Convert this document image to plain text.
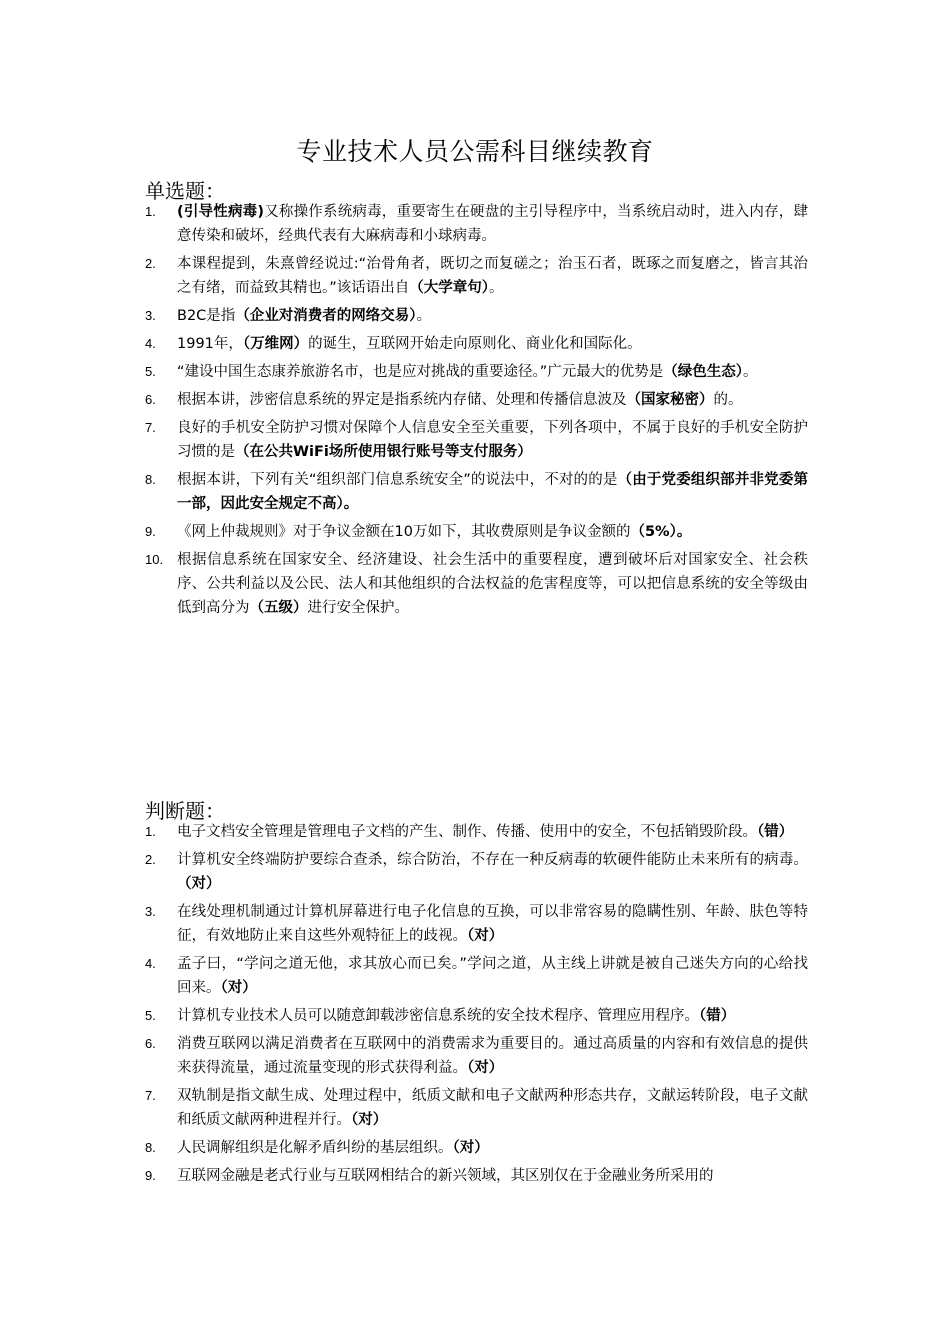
专业技术人员公需科目继续教育
单选题：
1.	(引导性病毒)又称操作系统病毒，重要寄生在硬盘的主引导程序中，当系统启动时，进入内存，肆意传染和破坏，经典代表有大麻病毒和小球病毒。
2.	本课程提到，朱熹曾经说过:“治骨角者，既切之而复磋之；治玉石者，既琢之而复磨之，皆言其治之有绪，而益致其精也。”该话语出自（大学章句）。
3.	B2C是指（企业对消费者的网络交易）。
4.	1991年，（万维网）的诞生，互联网开始走向原则化、商业化和国际化。
5.	“建设中国生态康养旅游名市，也是应对挑战的重要途径。”广元最大的优势是（绿色生态）。
6.	根据本讲，涉密信息系统的界定是指系统内存储、处理和传播信息波及（国家秘密）的。
7.	良好的手机安全防护习惯对保障个人信息安全至关重要，下列各项中，不属于良好的手机安全防护习惯的是（在公共WiFi场所使用银行账号等支付服务）
8.	根据本讲，下列有关“组织部门信息系统安全”的说法中，不对的的是（由于党委组织部并非党委第一部，因此安全规定不高）。
9.	《网上仲裁规则》对于争议金额在10万如下，其收费原则是争议金额的（5%）。
10. 根据信息系统在国家安全、经济建设、社会生活中的重要程度，遭到破坏后对国家安全、社会秩序、公共利益以及公民、法人和其他组织的合法权益的危害程度等，可以把信息系统的安全等级由低到高分为（五级）进行安全保护。
判断题：
1.	电子文档安全管理是管理电子文档的产生、制作、传播、使用中的安全，不包括销毁阶段。（错）
2.	计算机安全终端防护要综合查杀，综合防治，不存在一种反病毒的软硬件能防止未来所有的病毒。（对）
3.	在线处理机制通过计算机屏幕进行电子化信息的互换，可以非常容易的隐瞒性别、年龄、肤色等特征，有效地防止来自这些外观特征上的歧视。（对）
4.	孟子曰，“学问之道无他，求其放心而已矣。”学问之道，从主线上讲就是被自己迷失方向的心给找回来。（对）
5.	计算机专业技术人员可以随意卸载涉密信息系统的安全技术程序、管理应用程序。（错）
6.	消费互联网以满足消费者在互联网中的消费需求为重要目的。通过高质量的内容和有效信息的提供来获得流量，通过流量变现的形式获得利益。（对）
7.	双轨制是指文献生成、处理过程中，纸质文献和电子文献两种形态共存，文献运转阶段，电子文献和纸质文献两种进程并行。（对）
8.	人民调解组织是化解矛盾纠纷的基层组织。（对）
9.	互联网金融是老式行业与互联网相结合的新兴领域，其区别仅在于金融业务所采用的
